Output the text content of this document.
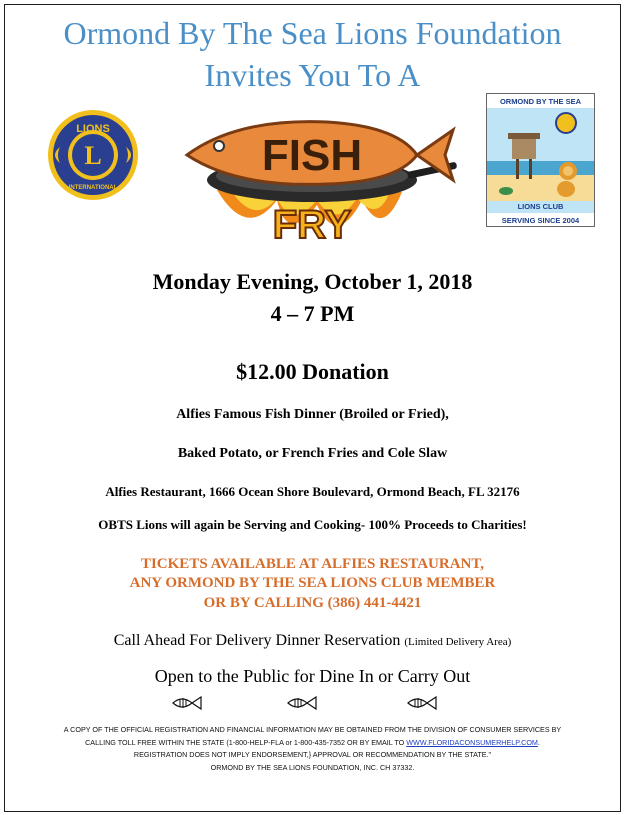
Ormond By The Sea Lions Foundation
Invites You To A
LIONS
L
INTERNATIONAL
FISH
FRY
ORMOND BY THE SEA
LIONS CLUB
SERVING SINCE 2004
Monday Evening, October 1, 2018
4 – 7 PM
$12.00 Donation
Alfies Famous Fish Dinner (Broiled or Fried),
Baked Potato, or French Fries and Cole Slaw
Alfies Restaurant, 1666 Ocean Shore Boulevard, Ormond Beach, FL 32176
OBTS Lions will again be Serving and Cooking- 100% Proceeds to Charities!
TICKETS AVAILABLE AT ALFIES RESTAURANT,
ANY ORMOND BY THE SEA LIONS CLUB MEMBER
OR BY CALLING (386) 441-4421
Call Ahead For Delivery Dinner Reservation (Limited Delivery Area)
Open to the Public for Dine In or Carry Out
A COPY OF THE OFFICIAL REGISTRATION AND FINANCIAL INFORMATION MAY BE OBTAINED FROM THE DIVISION OF CONSUMER SERVICES BY
CALLING TOLL FREE WITHIN THE STATE (1-800-HELP-FLA or 1-800-435-7352 OR BY EMAIL TO WWW.FLORIDACONSUMERHELP.COM.
REGISTRATION DOES NOT IMPLY ENDORSEMENT,} APPROVAL OR RECOMMENDATION BY THE STATE."
ORMOND BY THE SEA LIONS FOUNDATION, INC. CH 37332.
